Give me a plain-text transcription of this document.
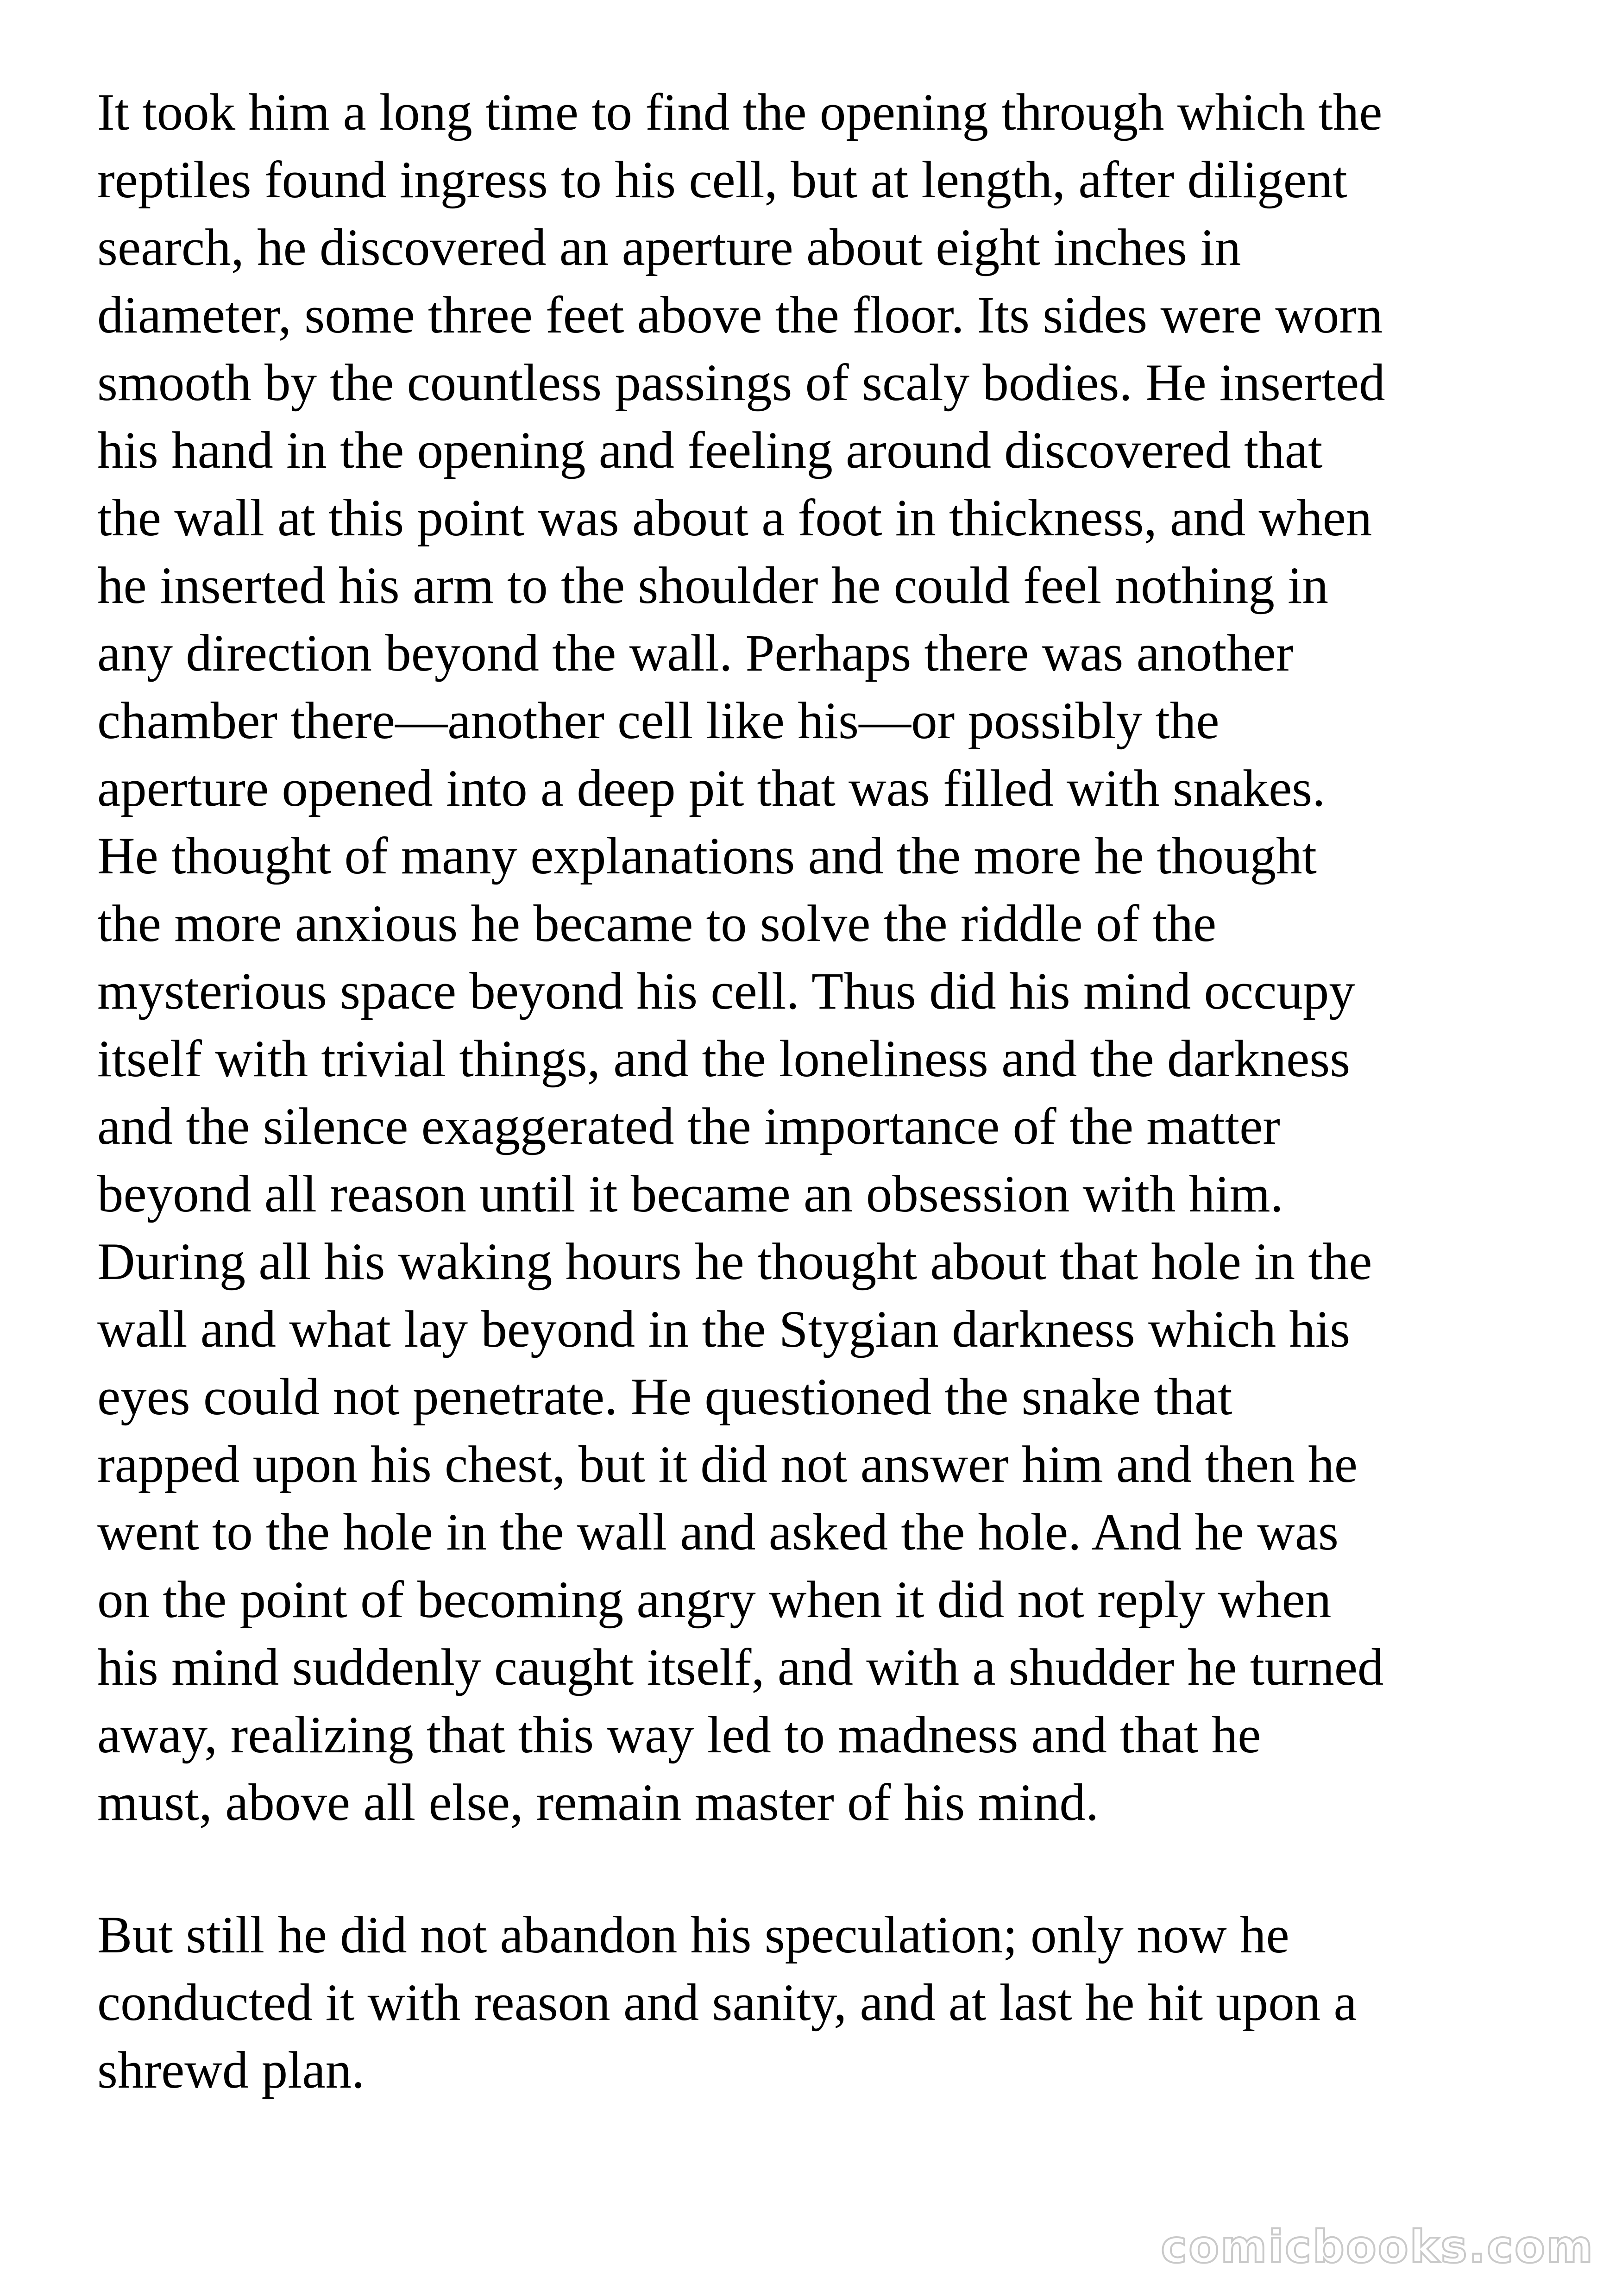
It took him a long time to find the opening through which the
reptiles found ingress to his cell, but at length, after diligent
search, he discovered an aperture about eight inches in
diameter, some three feet above the floor. Its sides were worn
smooth by the countless passings of scaly bodies. He inserted
his hand in the opening and feeling around discovered that
the wall at this point was about a foot in thickness, and when
he inserted his arm to the shoulder he could feel nothing in
any direction beyond the wall. Perhaps there was another
chamber there—another cell like his—or possibly the
aperture opened into a deep pit that was filled with snakes.
He thought of many explanations and the more he thought
the more anxious he became to solve the riddle of the
mysterious space beyond his cell. Thus did his mind occupy
itself with trivial things, and the loneliness and the darkness
and the silence exaggerated the importance of the matter
beyond all reason until it became an obsession with him.
During all his waking hours he thought about that hole in the
wall and what lay beyond in the Stygian darkness which his
eyes could not penetrate. He questioned the snake that
rapped upon his chest, but it did not answer him and then he
went to the hole in the wall and asked the hole. And he was
on the point of becoming angry when it did not reply when
his mind suddenly caught itself, and with a shudder he turned
away, realizing that this way led to madness and that he
must, above all else, remain master of his mind.

But still he did not abandon his speculation; only now he
conducted it with reason and sanity, and at last he hit upon a
shrewd plan.

comicbooks.com
